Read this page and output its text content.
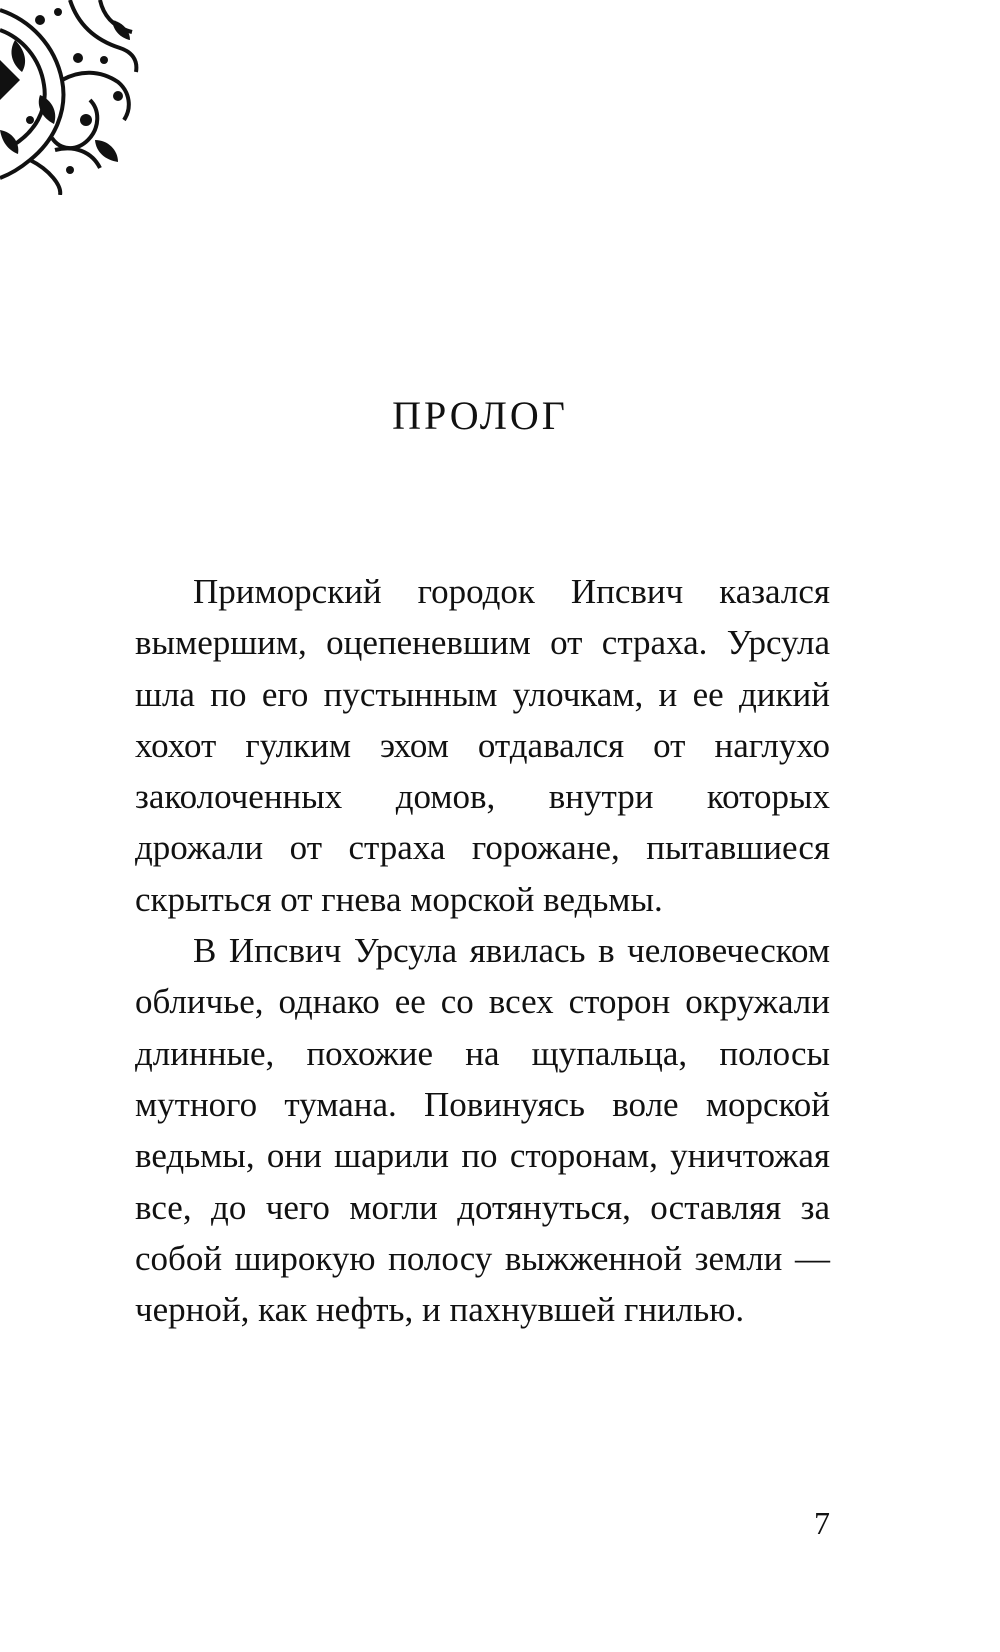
ПРОЛОГ

Приморский городок Ипсвич казался вымершим, оцепеневшим от страха. Урсула шла по его пустынным улочкам, и ее дикий хохот гулким эхом отдавался от наглухо заколоченных домов, внутри которых дрожали от страха горожане, пытавшиеся скрыться от гнева морской ведьмы.

В Ипсвич Урсула явилась в человеческом обличье, однако ее со всех сторон окружали длинные, похожие на щупальца, полосы мутного тумана. Повинуясь воле морской ведьмы, они шарили по сторонам, уничтожая все, до чего могли дотянуться, оставляя за собой широкую полосу выжженной земли — черной, как нефть, и пахнувшей гнилью.

7
